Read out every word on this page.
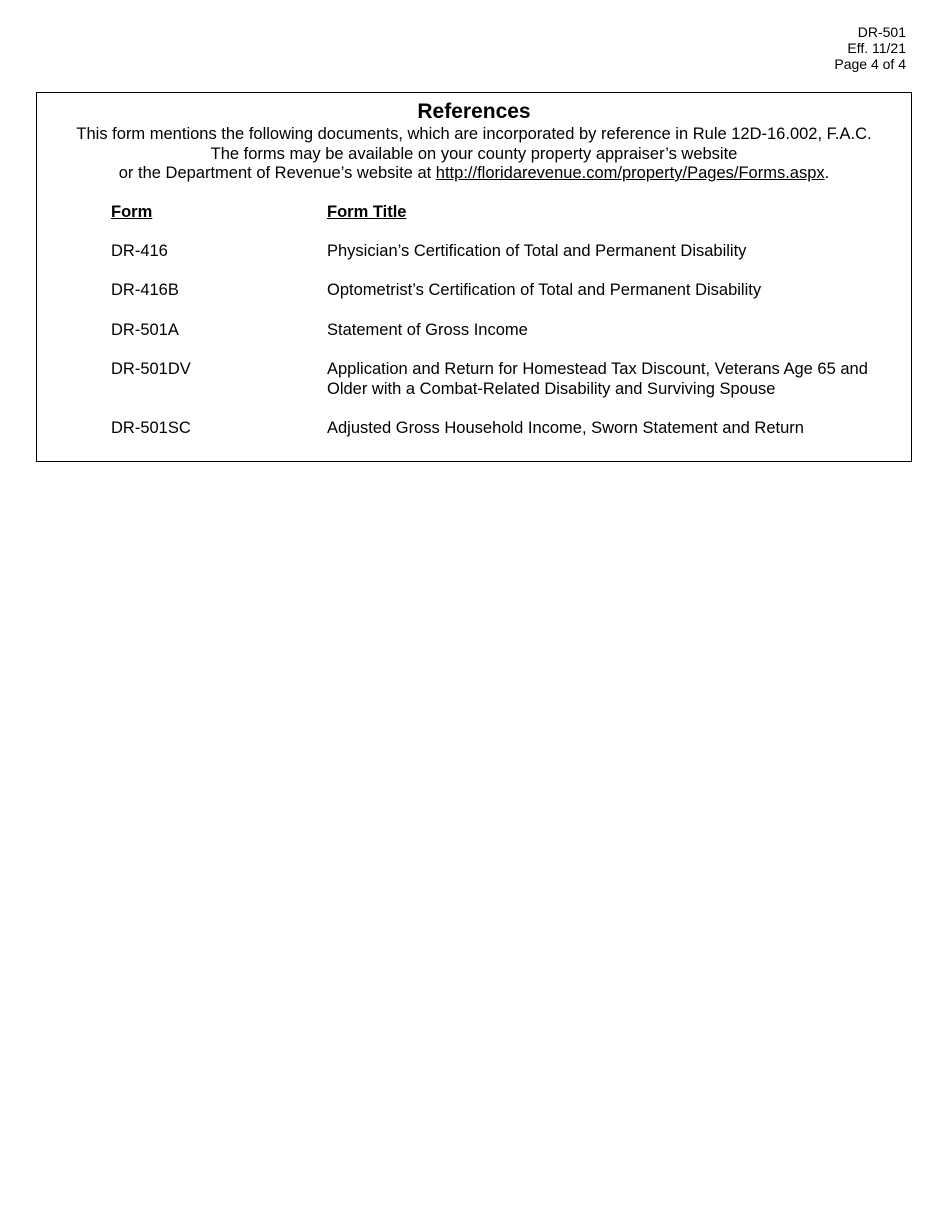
DR-501
Eff. 11/21
Page 4 of 4
References
This form mentions the following documents, which are incorporated by reference in Rule 12D-16.002, F.A.C.
The forms may be available on your county property appraiser’s website
or the Department of Revenue’s website at http://floridarevenue.com/property/Pages/Forms.aspx.
Form	Form Title
DR-416	Physician’s Certification of Total and Permanent Disability
DR-416B	Optometrist’s Certification of Total and Permanent Disability
DR-501A	Statement of Gross Income
DR-501DV	Application and Return for Homestead Tax Discount, Veterans Age 65 and Older with a Combat-Related Disability and Surviving Spouse
DR-501SC	Adjusted Gross Household Income, Sworn Statement and Return
